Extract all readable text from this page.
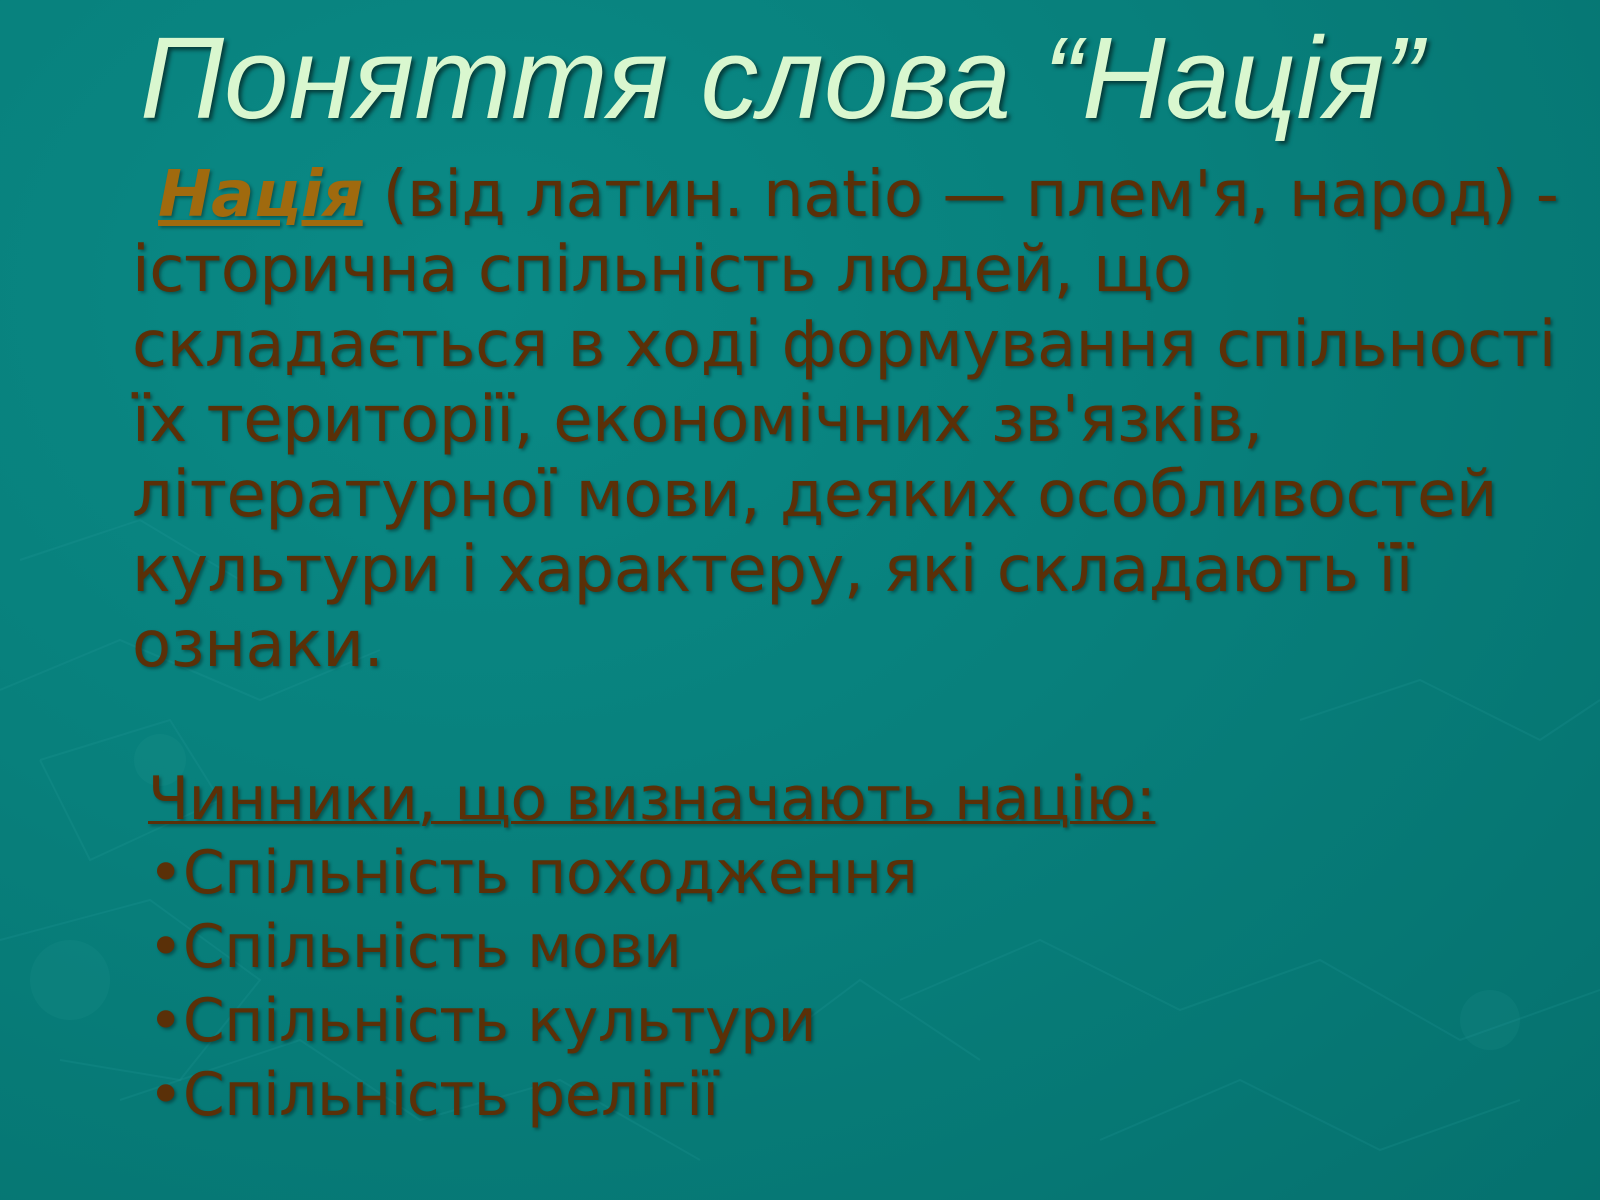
Поняття слова “Нація”
Нація (від латин. natio — плем'я, народ) - історична спільність людей, що складається в ході формування спільності їх території, економічних зв'язків, літературної мови, деяких особливостей культури і характеру, які складають її ознаки.
Чинники, що визначають націю:
•Спільність походження
•Спільність мови
•Спільність культури
•Спільність релігії
